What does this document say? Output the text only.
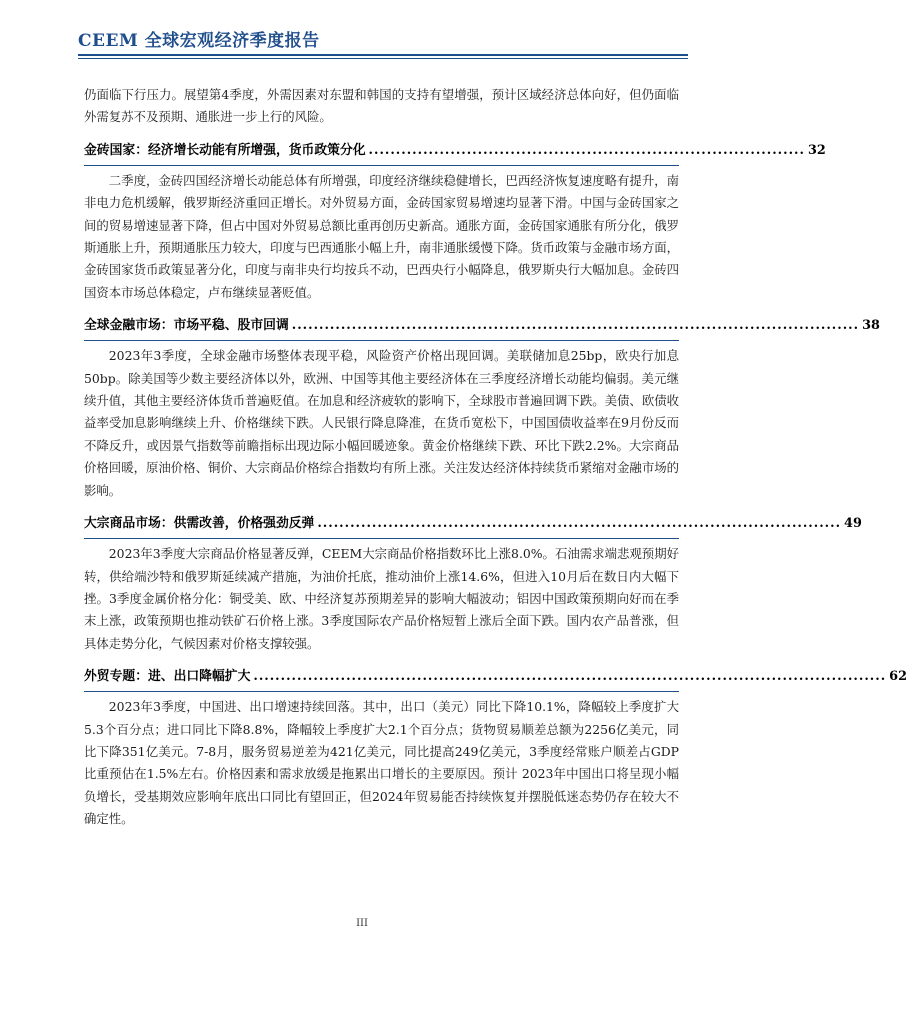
CEEM 全球宏观经济季度报告

仍面临下行压力。展望第4季度，外需因素对东盟和韩国的支持有望增强，预计区域经济总体向好，但仍面临外需复苏不及预期、通胀进一步上行的风险。

金砖国家：经济增长动能有所增强，货币政策分化 ................................................................................ 32

二季度，金砖四国经济增长动能总体有所增强，印度经济继续稳健增长，巴西经济恢复速度略有提升，南非电力危机缓解，俄罗斯经济重回正增长。对外贸易方面，金砖国家贸易增速均显著下滑。中国与金砖国家之间的贸易增速显著下降，但占中国对外贸易总额比重再创历史新高。通胀方面，金砖国家通胀有所分化，俄罗斯通胀上升，预期通胀压力较大，印度与巴西通胀小幅上升，南非通胀缓慢下降。货币政策与金融市场方面，金砖国家货币政策显著分化，印度与南非央行均按兵不动，巴西央行小幅降息，俄罗斯央行大幅加息。金砖四国资本市场总体稳定，卢布继续显著贬值。

全球金融市场：市场平稳、股市回调 ........................................................................................................ 38

2023年3季度，全球金融市场整体表现平稳，风险资产价格出现回调。美联储加息25bp，欧央行加息50bp。除美国等少数主要经济体以外，欧洲、中国等其他主要经济体在三季度经济增长动能均偏弱。美元继续升值，其他主要经济体货币普遍贬值。在加息和经济疲软的影响下，全球股市普遍回调下跌。美债、欧债收益率受加息影响继续上升、价格继续下跌。人民银行降息降准，在货币宽松下，中国国债收益率在9月份反而不降反升，或因景气指数等前瞻指标出现边际小幅回暖迹象。黄金价格继续下跌、环比下跌2.2%。大宗商品价格回暖，原油价格、铜价、大宗商品价格综合指数均有所上涨。关注发达经济体持续货币紧缩对金融市场的影响。

大宗商品市场：供需改善，价格强劲反弹 ................................................................................................ 49

2023年3季度大宗商品价格显著反弹，CEEM大宗商品价格指数环比上涨8.0%。石油需求端悲观预期好转，供给端沙特和俄罗斯延续减产措施，为油价托底，推动油价上涨14.6%，但进入10月后在数日内大幅下挫。3季度金属价格分化：铜受美、欧、中经济复苏预期差异的影响大幅波动；铝因中国政策预期向好而在季末上涨，政策预期也推动铁矿石价格上涨。3季度国际农产品价格短暂上涨后全面下跌。国内农产品普涨，但具体走势分化，气候因素对价格支撑较强。

外贸专题：进、出口降幅扩大 .................................................................................................................... 62

2023年3季度，中国进、出口增速持续回落。其中，出口（美元）同比下降10.1%，降幅较上季度扩大5.3个百分点；进口同比下降8.8%，降幅较上季度扩大2.1个百分点；货物贸易顺差总额为2256亿美元，同比下降351亿美元。7-8月，服务贸易逆差为421亿美元，同比提高249亿美元，3季度经常账户顺差占GDP比重预估在1.5%左右。价格因素和需求放缓是拖累出口增长的主要原因。预计 2023年中国出口将呈现小幅负增长，受基期效应影响年底出口同比有望回正，但2024年贸易能否持续恢复并摆脱低迷态势仍存在较大不确定性。

III
